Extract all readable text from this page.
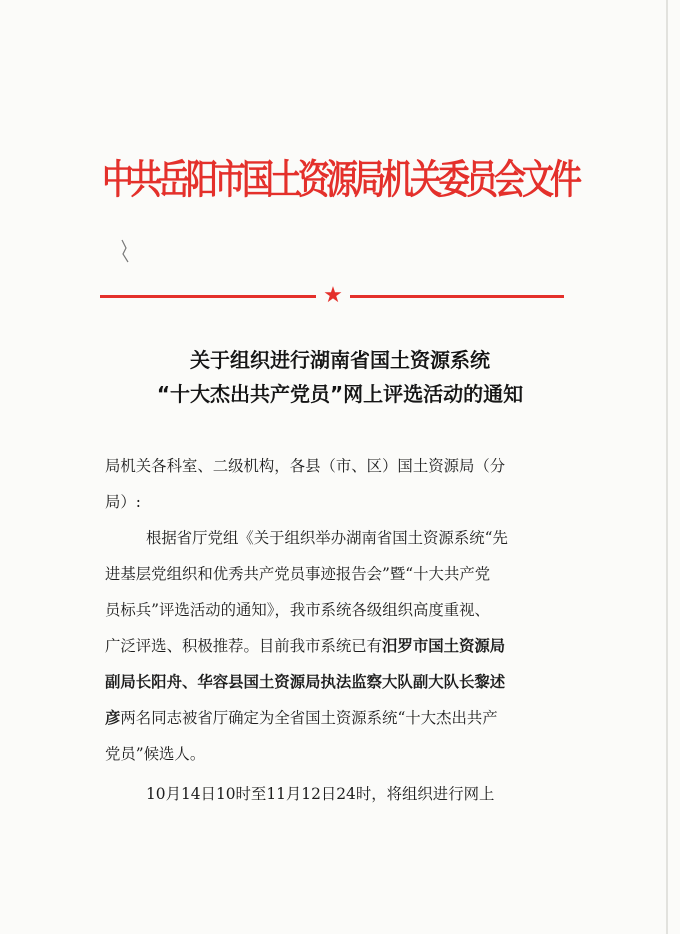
中共岳阳市国土资源局机关委员会文件
★
关于组织进行湖南省国土资源系统
“十大杰出共产党员”网上评选活动的通知
局机关各科室、二级机构，各县（市、区）国土资源局（分
局）:
根据省厅党组《关于组织举办湖南省国土资源系统“先
进基层党组织和优秀共产党员事迹报告会”暨“十大共产党
员标兵”评选活动的通知》，我市系统各级组织高度重视、
广泛评选、积极推荐。目前我市系统已有汨罗市国土资源局
副局长阳舟、华容县国土资源局执法监察大队副大队长黎述
彦两名同志被省厅确定为全省国土资源系统“十大杰出共产
党员”候选人。
10月14日10时至11月12日24时，将组织进行网上
